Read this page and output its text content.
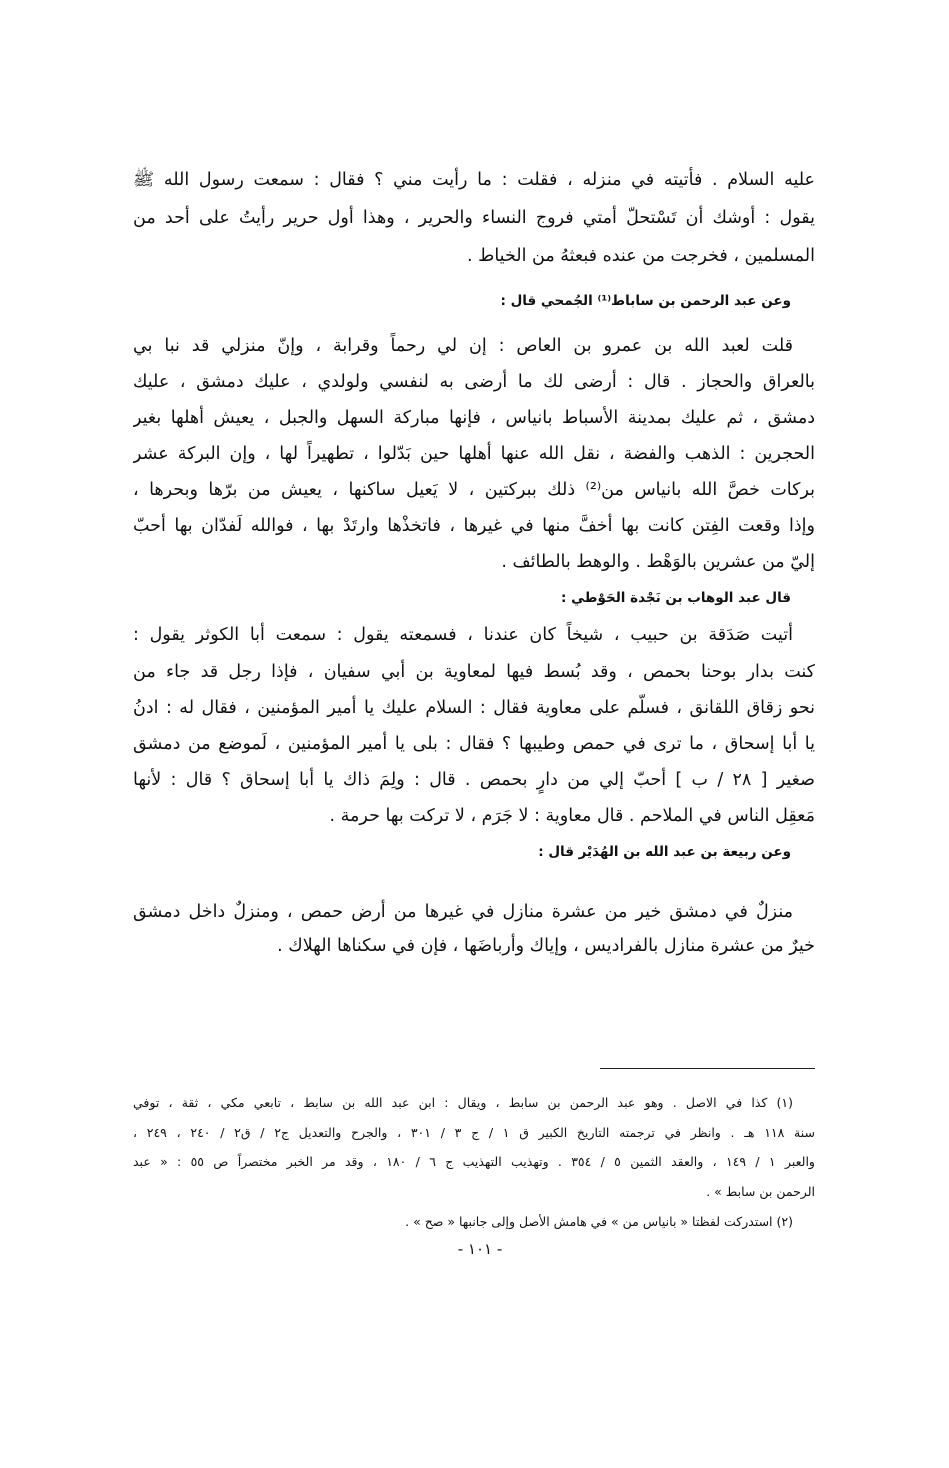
عليه السلام . فأتيته في منزله ، فقلت : ما رأيت مني ؟ فقال : سمعت رسول الله ﷺ
يقول : أوشك أن تَسْتحلّ أمتي فروج النساء والحرير ، وهذا أول حرير رأيتُ على أحد من
المسلمين ، فخرجت من عنده فبعثهُ من الخياط .
وعن عبد الرحمن بن ساباط⁽¹⁾ الجُمحي قال :
قلت لعبد الله بن عمرو بن العاص : إن لي رحماً وقرابة ، وإنّ منزلي قد نبا بي
بالعراق والحجاز . قال : أرضى لك ما أرضى به لنفسي ولولدي ، عليك دمشق ، عليك
دمشق ، ثم عليك بمدينة الأسباط بانياس ، فإنها مباركة السهل والجبل ، يعيش أهلها بغير
الحجرين : الذهب والفضة ، نقل الله عنها أهلها حين بَدّلوا ، تطهيراً لها ، وإن البركة عشر
بركات خصَّ الله بانياس من⁽²⁾ ذلك ببركتين ، لا يَعيل ساكنها ، يعيش من برّها وبحرها ،
وإذا وقعت الفِتن كانت بها أخفَّ منها في غيرها ، فاتخذْها وارتَدْ بها ، فوالله لَفدّان بها أحبّ
إليّ من عشرين بالوَهْط . والوهط بالطائف .
قال عبد الوهاب بن نَجْدة الحَوْطي :
أتيت صَدَقة بن حبيب ، شيخاً كان عندنا ، فسمعته يقول : سمعت أبا الكوثر يقول :
كنت بدار بوحنا بحمص ، وقد بُسط فيها لمعاوية بن أبي سفيان ، فإذا رجل قد جاء من
نحو زقاق اللقانق ، فسلّم على معاوية فقال : السلام عليك يا أمير المؤمنين ، فقال له : ادنُ
يا أبا إسحاق ، ما ترى في حمص وطيبها ؟ فقال : بلى يا أمير المؤمنين ، لَموضع من دمشق
صغير [ ٢٨ / ب ] أحبّ إلي من دارٍ بحمص . قال : ولِمَ ذاك يا أبا إسحاق ؟ قال : لأنها
مَعقِل الناس في الملاحم . قال معاوية : لا جَرَم ، لا تركت بها حرمة .
وعن ربيعة بن عبد الله بن الهُدَيْر قال :
منزلٌ في دمشق خير من عشرة منازل في غيرها من أرض حمص ، ومنزلٌ داخل دمشق
خيرٌ من عشرة منازل بالفراديس ، وإياك وأرباضَها ، فإن في سكناها الهلاك .
(١) كذا في الاصل . وهو عبد الرحمن بن سابط ، ويقال : ابن عبد الله بن سابط ، تابعي مكي ، ثقة ، توفي
سنة ١١٨ هـ . وانظر في ترجمته التاريخ الكبير ق ١ / ج ٣ / ٣٠١ ، والجرح والتعديل ج٢ / ق٢ / ٢٤٠ ، ٢٤٩ ،
والعبر ١ / ١٤٩ ، والعقد الثمين ٥ / ٣٥٤ . وتهذيب التهذيب ج ٦ / ١٨٠ ، وقد مر الخبر مختصراً ص ٥٥ : « عبد
الرحمن بن سابط » .
(٢) استدركت لفظتا « بانياس من » في هامش الأصل وإلى جانبها « صح » .
- ١٠١ -
